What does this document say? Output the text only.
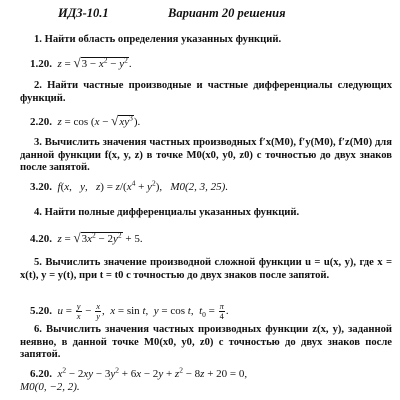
ИДЗ-10.1	Вариант 20 решения
1. Найти область определения указанных функций.
1.20. $z = √3 - x^2 - y^2$.
2. Найти частные производные и частные дифференциалы следующих функций.
2.20. $z = \cos (x - √xy^3)$.
3. Вычислить значения частных производных f′x(M0), f′y(M0), f′z(M0) для данной функции f(x, y, z) в точке M0(x0, y0, z0) с точностью до двух знаков после запятой.
3.20. f(x,   y,   $z) = z/(x^4 + y^2)$,   M0(2, 3, 25).
4. Найти полные дифференциалы указанных функций.
4.20. $z = √3x^2 - 2y^2 + 5$.
5. Вычислить значение производной сложной функции u = u(x, y), где x = x(t), y = y(t), при t = t0 с точностью до двух знаков после запятой.
5.20. $u = \frac{y}{x} - \frac{x}{y}$ ,  x = sin t,  y = cos t,  $t_0 = \frac{\pi}{4}$ .
6. Вычислить значения частных производных функции z(x, y), заданной неявно, в данной точке M0(x0, y0, z0) с точностью до двух знаков после запятой.
6.20. $x^2 - 2xy - 3y^2 + 6x - 2y + z^2 - 8z + 20 = 0$,
M0(0, −2, 2).
